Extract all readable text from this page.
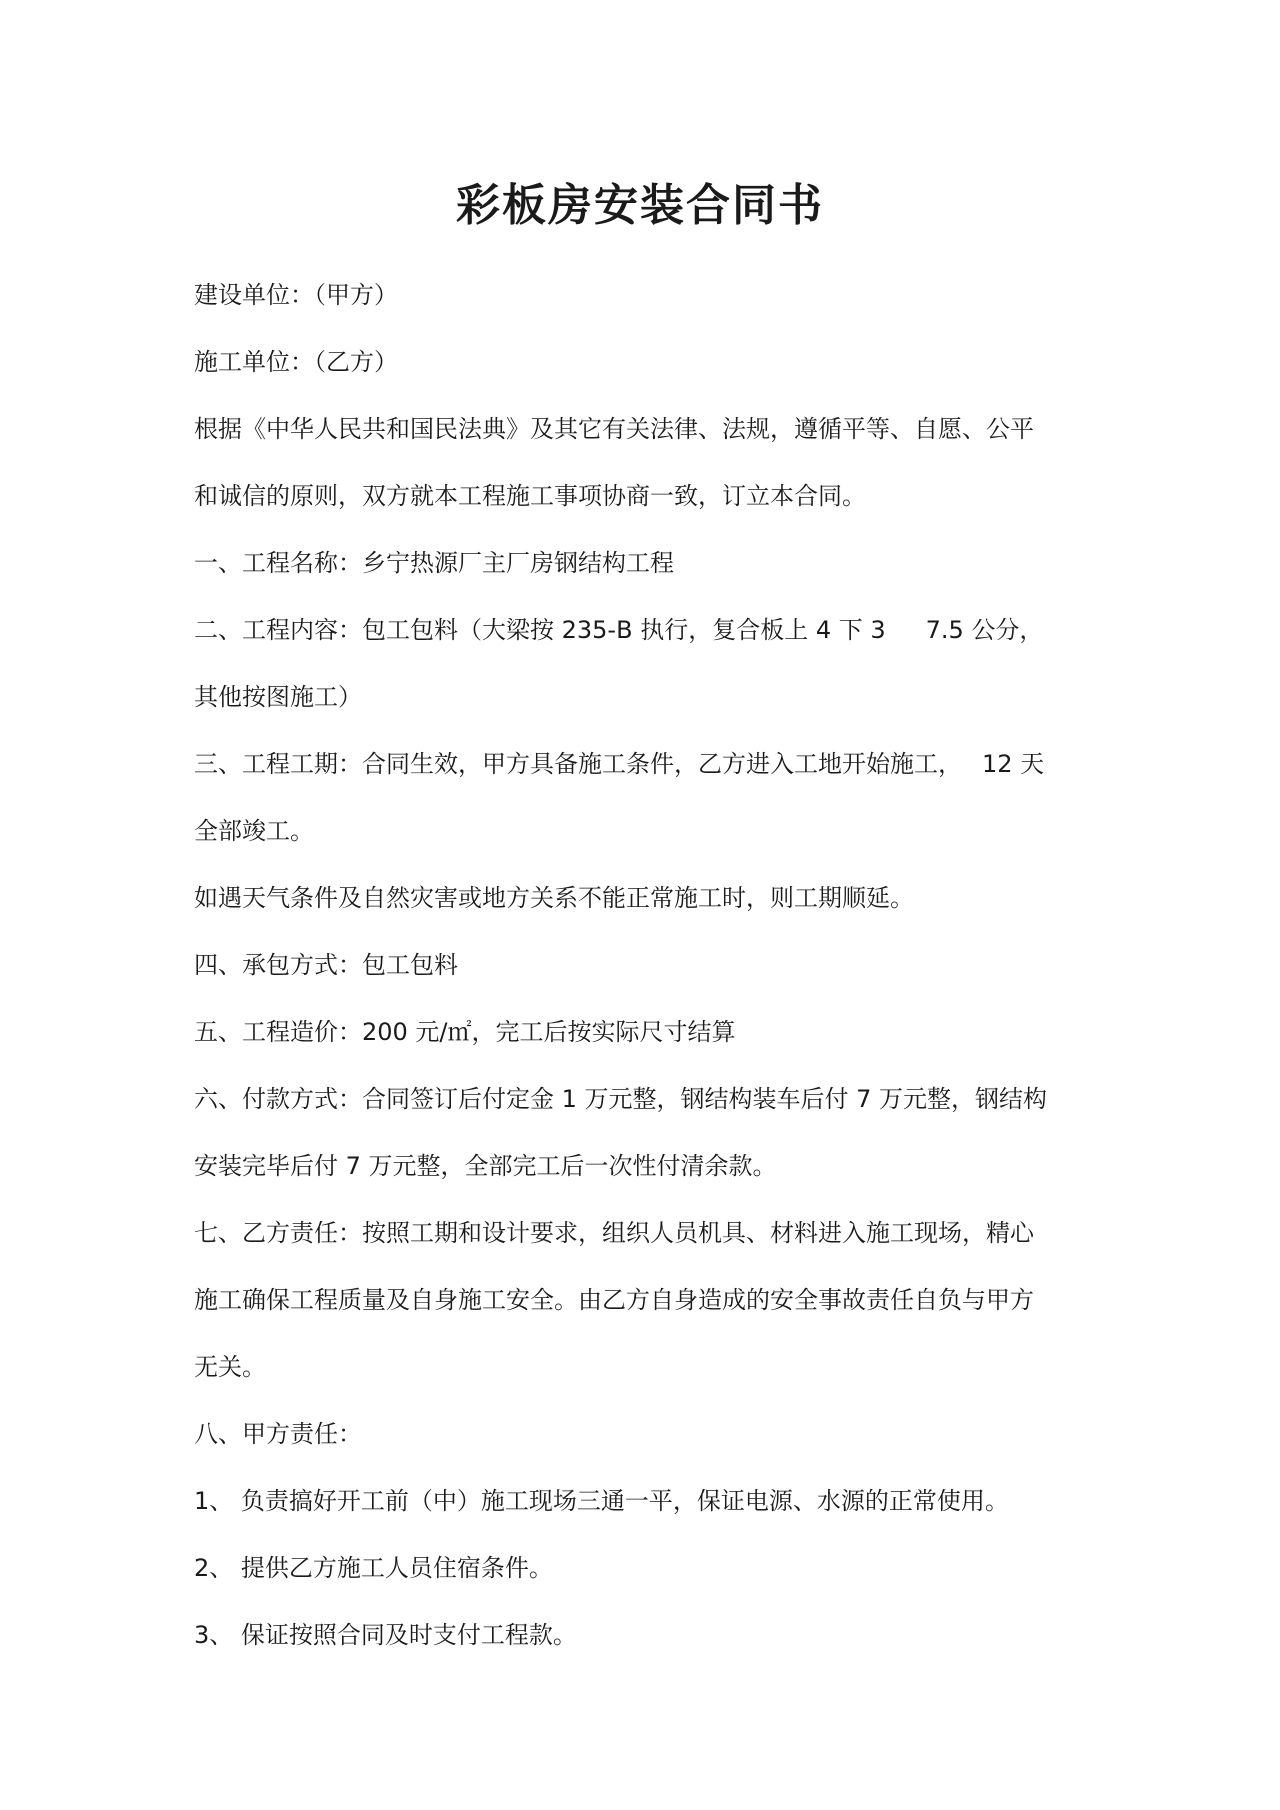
彩板房安装合同书

建设单位：（甲方）

施工单位：（乙方）

根据《中华人民共和国民法典》及其它有关法律、法规，遵循平等、自愿、公平

和诚信的原则，双方就本工程施工事项协商一致，订立本合同。

一、工程名称：乡宁热源厂主厂房钢结构工程

二、工程内容：包工包料（大梁按 235-B 执行，复合板上 4 下 3 7.5 公分，

其他按图施工）

三、工程工期：合同生效，甲方具备施工条件，乙方进入工地开始施工， 12 天

全部竣工。

如遇天气条件及自然灾害或地方关系不能正常施工时，则工期顺延。

四、承包方式：包工包料

五、工程造价：200 元/㎡，完工后按实际尺寸结算

六、付款方式：合同签订后付定金 1 万元整，钢结构装车后付 7 万元整，钢结构

安装完毕后付 7 万元整，全部完工后一次性付清余款。

七、乙方责任：按照工期和设计要求，组织人员机具、材料进入施工现场，精心

施工确保工程质量及自身施工安全。由乙方自身造成的安全事故责任自负与甲方

无关。

八、甲方责任：

1、 负责搞好开工前（中）施工现场三通一平，保证电源、水源的正常使用。

2、 提供乙方施工人员住宿条件。

3、 保证按照合同及时支付工程款。
